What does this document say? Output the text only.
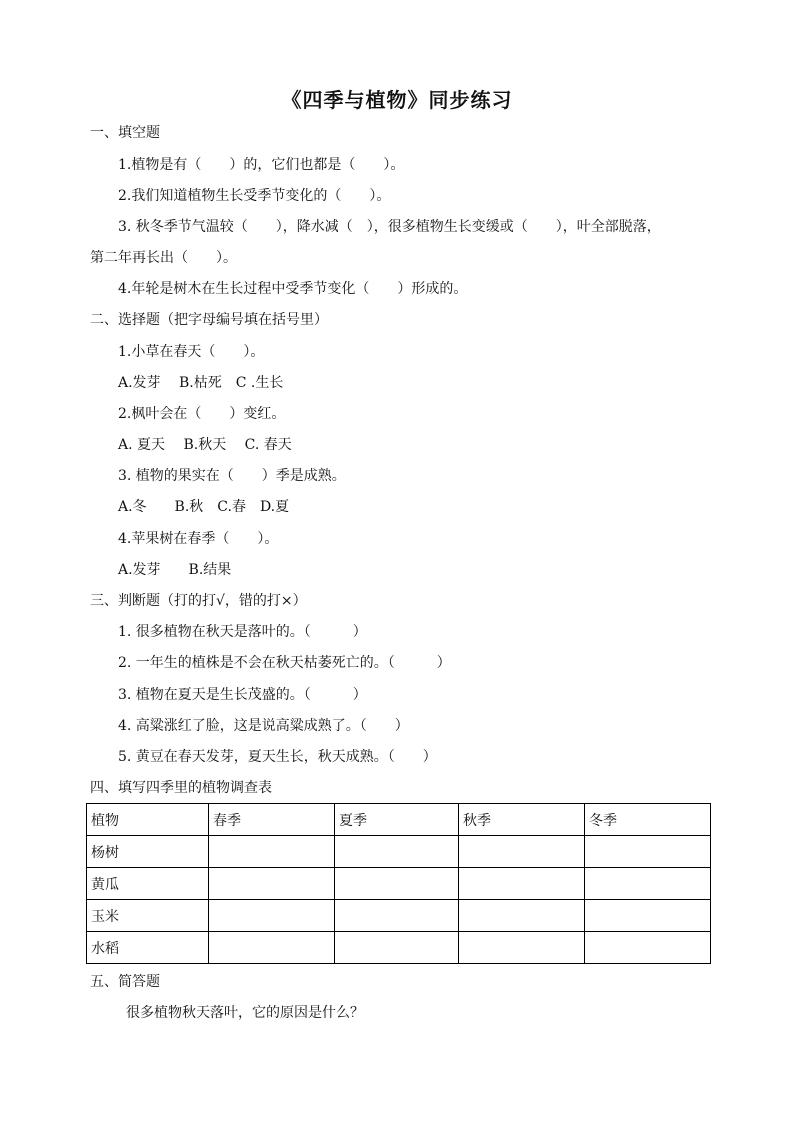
《四季与植物》同步练习
一、填空题
1.植物是有（　　）的，它们也都是（　　）。
2.我们知道植物生长受季节变化的（　　）。
3. 秋冬季节气温较（　　），降水减（　），很多植物生长变缓或（　　），叶全部脱落，
第二年再长出（　　）。
4.年轮是树木在生长过程中受季节变化（　　）形成的。
二、选择题（把字母编号填在括号里）
1.小草在春天（　　）。
A.发芽　 B.枯死　C .生长
2.枫叶会在（　　）变红。
A. 夏天　 B.秋天　 C. 春天
3. 植物的果实在（　　）季是成熟。
A.冬　　B.秋　C.春　D.夏
4.苹果树在春季（　　）。
A.发芽　　B.结果
三、判断题（打的打√，错的打×）
1. 很多植物在秋天是落叶的。（　　　）
2. 一年生的植株是不会在秋天枯萎死亡的。（　　　）
3. 植物在夏天是生长茂盛的。（　　　）
4. 高粱涨红了脸，这是说高粱成熟了。（　　）
5. 黄豆在春天发芽，夏天生长，秋天成熟。（　　）
四、填写四季里的植物调查表
植物	春季	夏季	秋季	冬季
杨树				
黄瓜				
玉米				
水稻				
五、简答题
很多植物秋天落叶，它的原因是什么？
